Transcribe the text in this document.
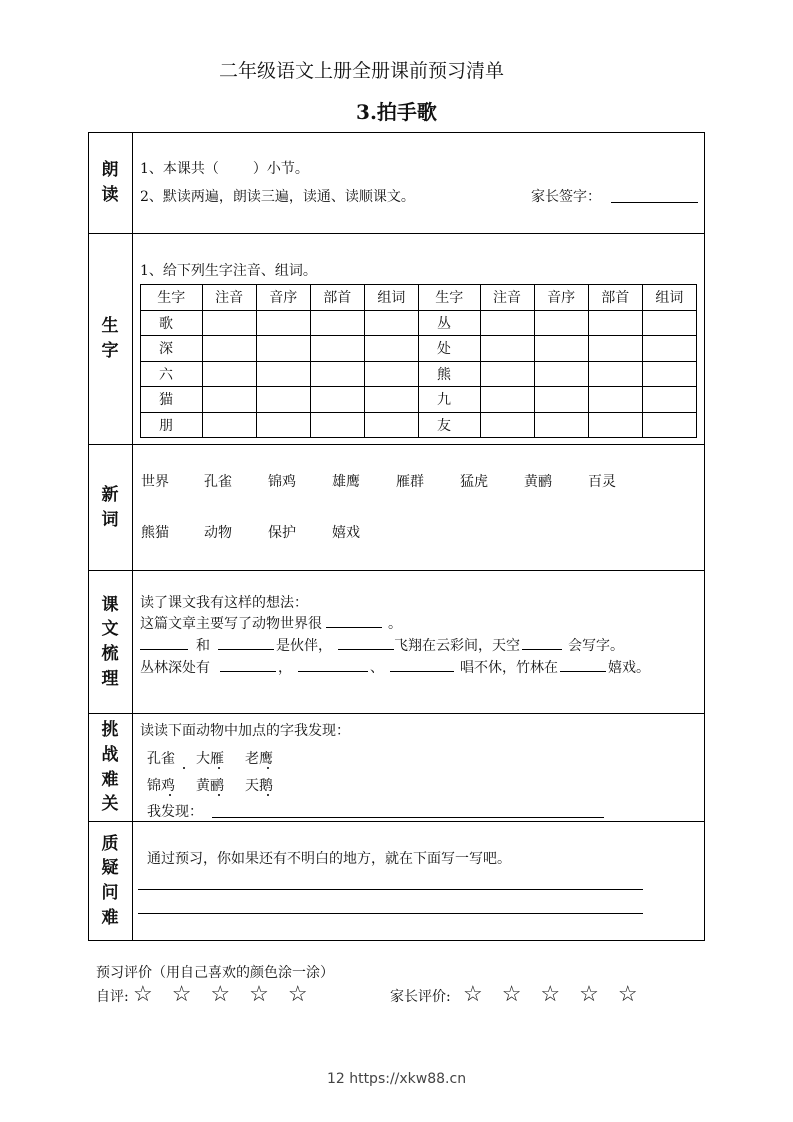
二年级语文上册全册课前预习清单
3.拍手歌
朗
读
1、本课共（ ）小节。
2、默读两遍，朗读三遍，读通、读顺课文。	家长签字：
生
字
1、给下列生字注音、组词。
生字	注音	音序	部首	组词	生字	注音	音序	部首	组词
歌					丛				
深					处				
六					熊				
猫					九				
朋					友				
新
词
世界	孔雀	锦鸡	雄鹰	雁群	猛虎	黄鹂	百灵
熊猫	动物	保护	嬉戏
课
文
梳
理
读了课文我有这样的想法：
这篇文章主要写了动物世界很	。
和	是伙伴，	飞翔在云彩间，天空	会写字。
丛林深处有	，	、	唱不休，竹林在	嬉戏。
挑
战
难
关
读读下面动物中加点的字我发现：
孔雀 大雁 老鹰
锦鸡 黄鹂 天鹅
我发现：
质
疑
问
难
通过预习，你如果还有不明白的地方，就在下面写一写吧。
预习评价（用自己喜欢的颜色涂一涂）
自评: ☆ ☆ ☆ ☆ ☆	家长评价: ☆ ☆ ☆ ☆ ☆
12 https://xkw88.cn
